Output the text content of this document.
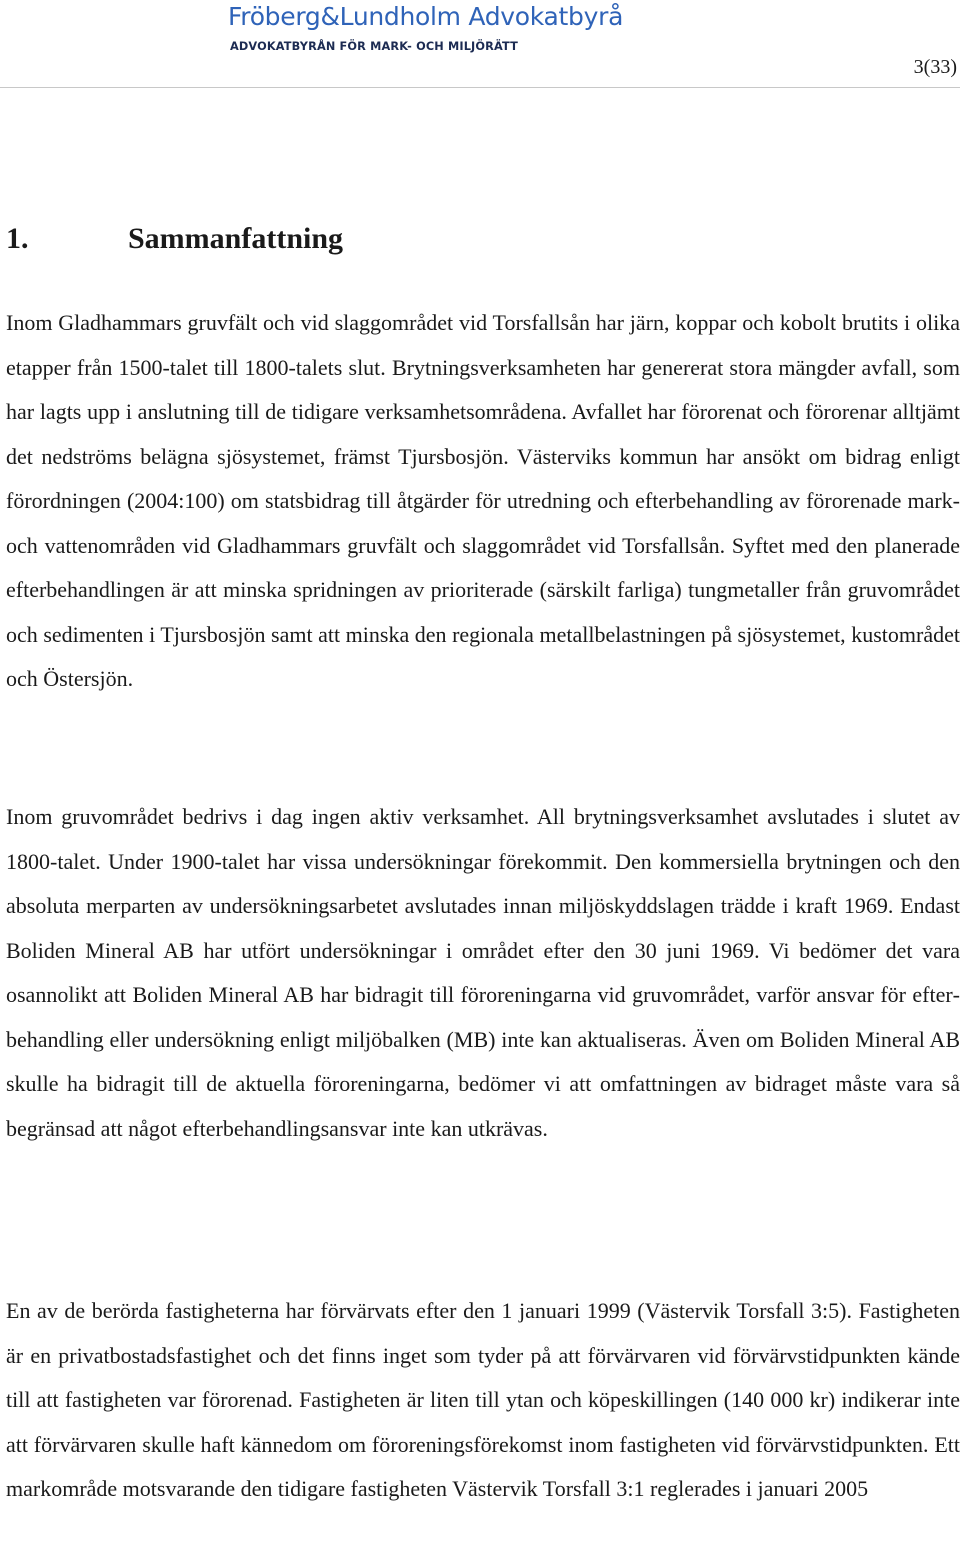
Fröberg&Lundholm Advokatbyrå
ADVOKATBYRÅN FÖR MARK- OCH MILJÖRÄTT
3(33)
1.	Sammanfattning

Inom Gladhammars gruvfält och vid slaggområdet vid Torsfallsån har järn, koppar och kobolt brutits i olika etapper från 1500-talet till 1800-talets slut. Brytningsverksamheten har genererat stora mängder avfall, som har lagts upp i anslutning till de tidigare verksamhetsområdena. Avfallet har förorenat och förorenar alltjämt det nedströms belägna sjösystemet, främst Tjursbosjön. Västerviks kommun har ansökt om bidrag enligt förordningen (2004:100) om statsbidrag till åtgärder för utredning och efterbehandling av förorenade mark- och vattenområden vid Gladhammars gruvfält och slaggområdet vid Torsfallsån. Syftet med den planerade efterbehandlingen är att minska spridningen av prioriterade (särskilt farliga) tungmetaller från gruvområdet och sedimenten i Tjursbosjön samt att minska den regionala metallbelastningen på sjösystemet, kustområdet och Östersjön.

Inom gruvområdet bedrivs i dag ingen aktiv verksamhet. All brytningsverksamhet avslutades i slutet av 1800-talet. Under 1900-talet har vissa undersökningar förekommit. Den kommersiella brytningen och den absoluta merparten av undersökningsarbetet avslutades innan miljöskyddslagen trädde i kraft 1969. Endast Boliden Mineral AB har utfört undersökningar i området efter den 30 juni 1969. Vi bedömer det vara osannolikt att Boliden Mineral AB har bidragit till föroreningarna vid gruvområdet, varför ansvar för efterbehandling eller undersökning enligt miljöbalken (MB) inte kan aktualiseras. Även om Boliden Mineral AB skulle ha bidragit till de aktuella föroreningarna, bedömer vi att omfattningen av bidraget måste vara så begränsad att något efterbehandlingsansvar inte kan utkrävas.

En av de berörda fastigheterna har förvärvats efter den 1 januari 1999 (Västervik Torsfall 3:5). Fastigheten är en privatbostadsfastighet och det finns inget som tyder på att förvärvaren vid förvärvstidpunkten kände till att fastigheten var förorenad. Fastigheten är liten till ytan och köpeskillingen (140 000 kr) indikerar inte att förvärvaren skulle haft kännedom om föroreningsförekomst inom fastigheten vid förvärvstidpunkten. Ett markområde motsvarande den tidigare fastigheten Västervik Torsfall 3:1 reglerades i januari 2005
